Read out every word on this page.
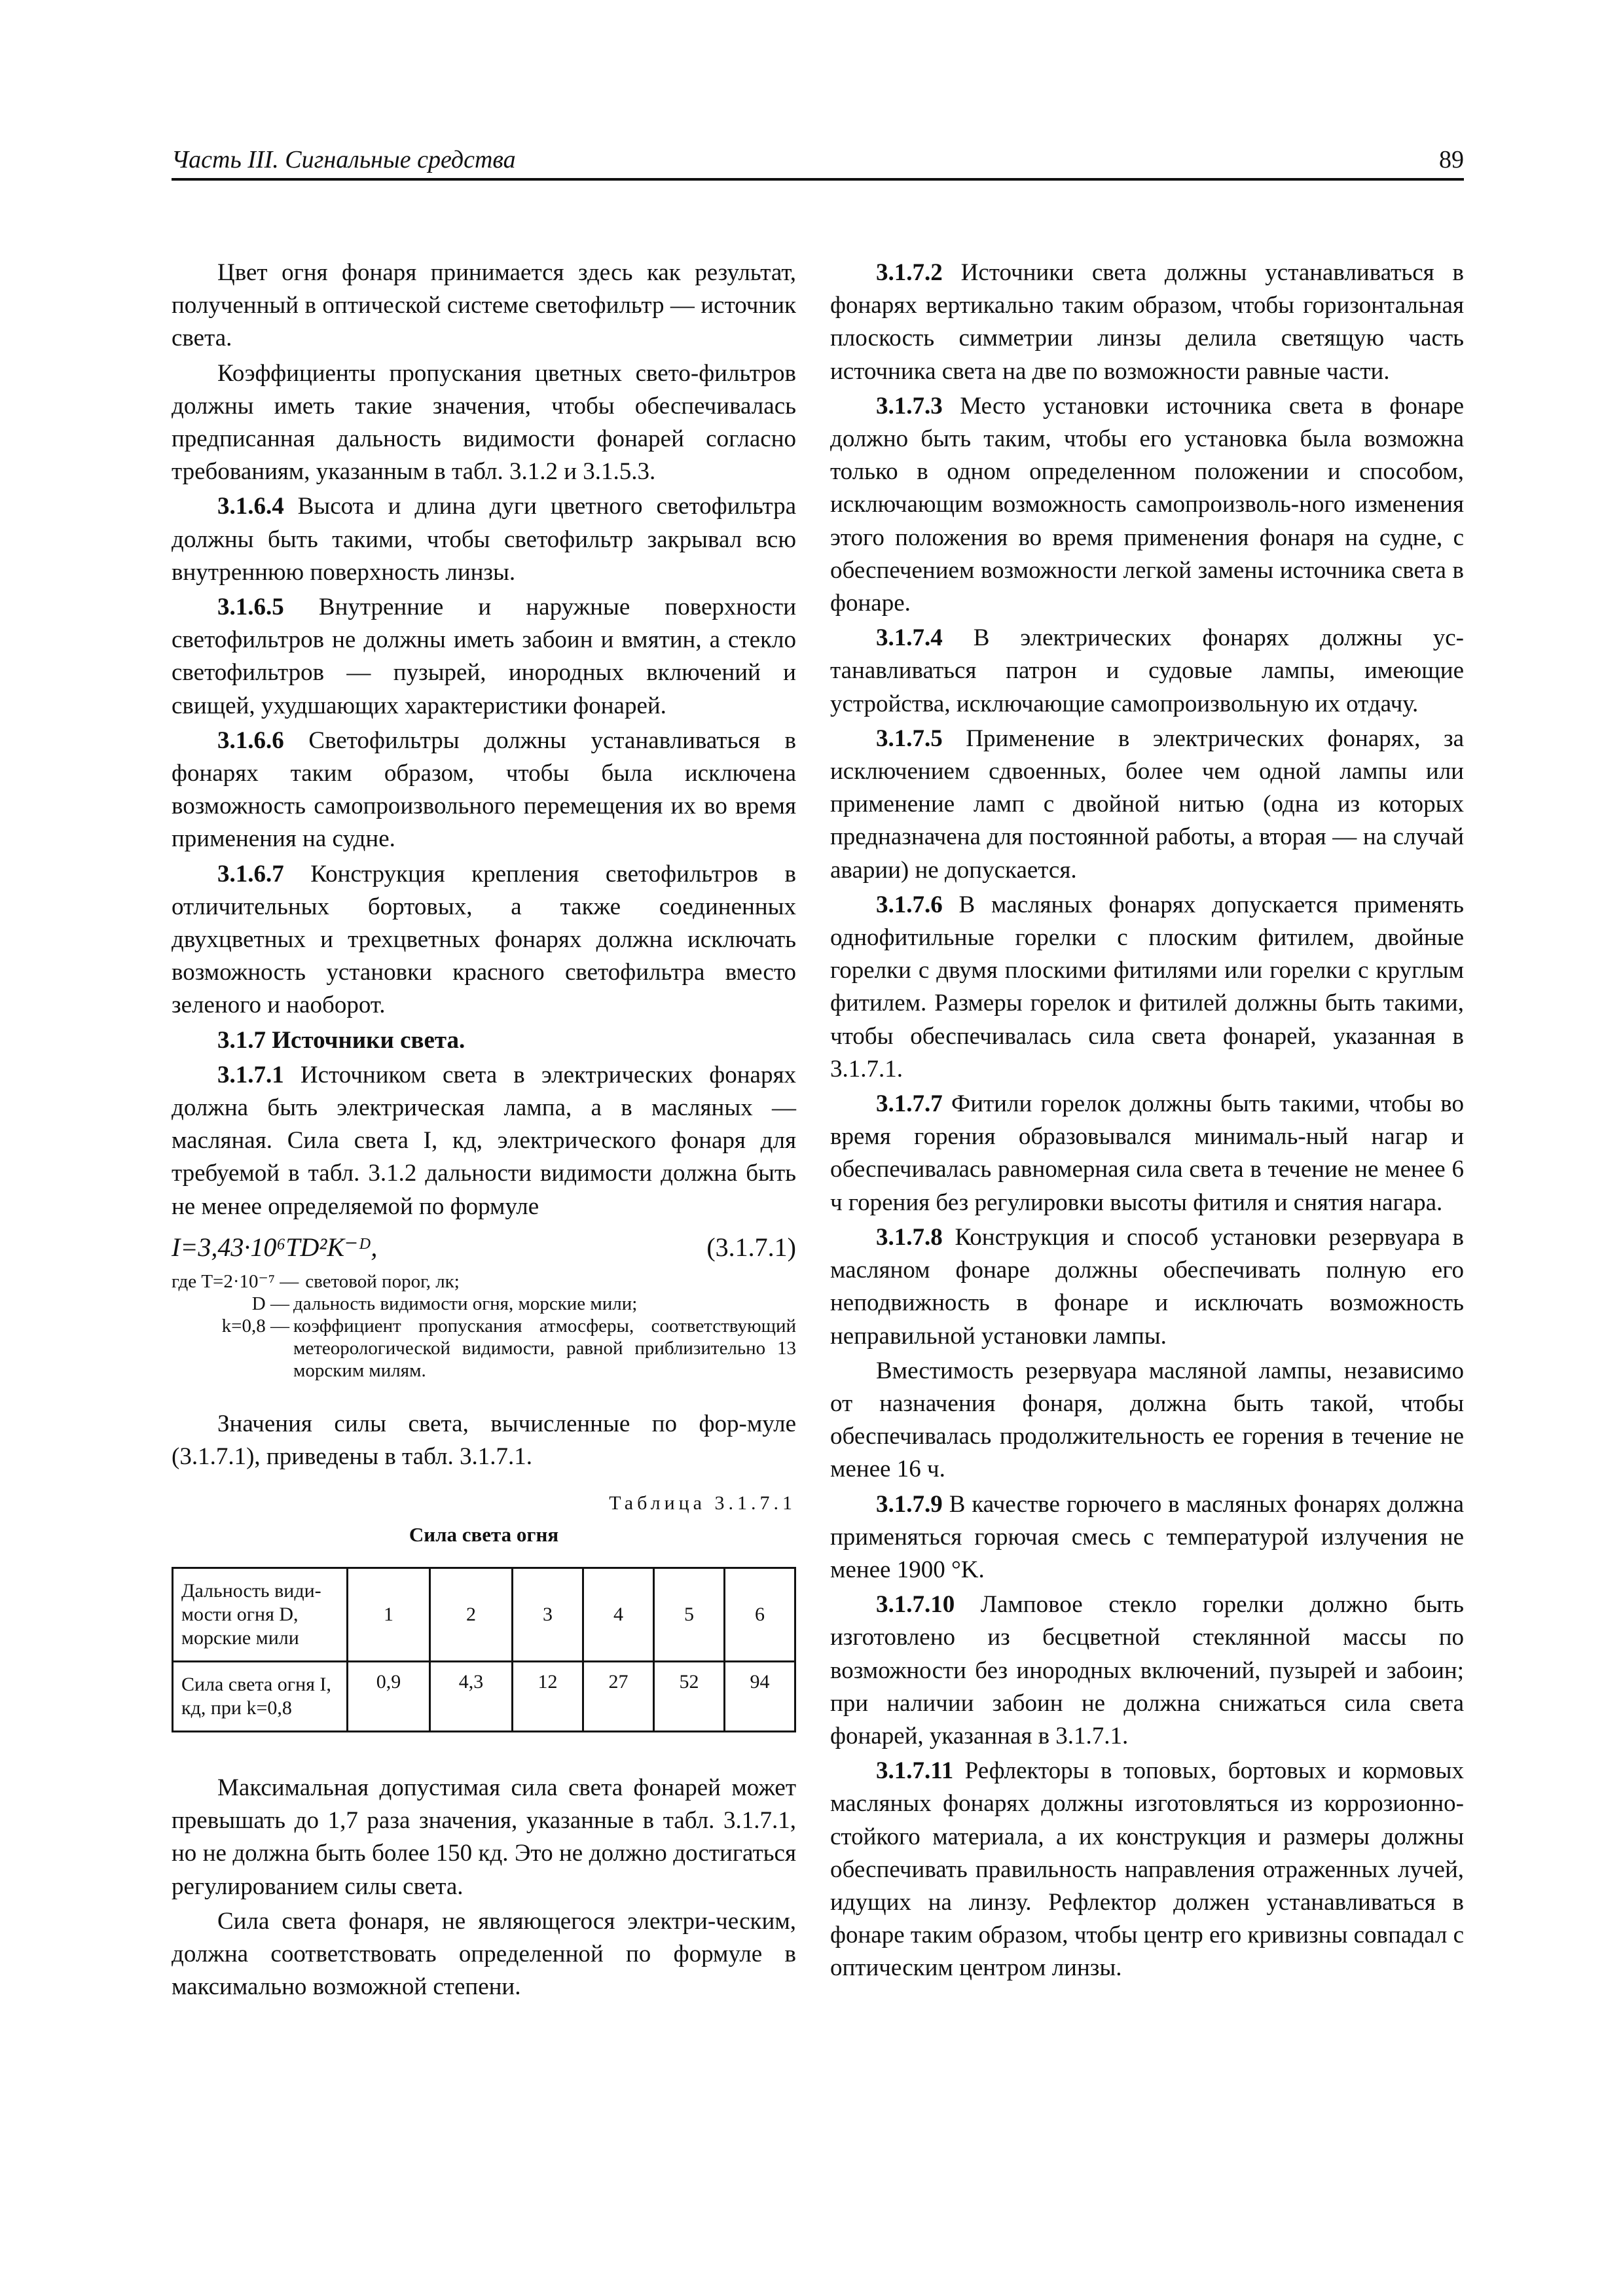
Часть III. Сигнальные средства	89

Цвет огня фонаря принимается здесь как результат, полученный в оптической системе светофильтр — источник света.

Коэффициенты пропускания цветных свето-фильтров должны иметь такие значения, чтобы обеспечивалась предписанная дальность видимости фонарей согласно требованиям, указанным в табл. 3.1.2 и 3.1.5.3.

3.1.6.4 Высота и длина дуги цветного светофильтра должны быть такими, чтобы светофильтр закрывал всю внутреннюю поверхность линзы.

3.1.6.5 Внутренние и наружные поверхности светофильтров не должны иметь забоин и вмятин, а стекло светофильтров — пузырей, инородных включений и свищей, ухудшающих характеристики фонарей.

3.1.6.6 Светофильтры должны устанавливаться в фонарях таким образом, чтобы была исключена возможность самопроизвольного перемещения их во время применения на судне.

3.1.6.7 Конструкция крепления светофильтров в отличительных бортовых, а также соединенных двухцветных и трехцветных фонарях должна исключать возможность установки красного светофильтра вместо зеленого и наоборот.

3.1.7 Источники света.

3.1.7.1 Источником света в электрических фонарях должна быть электрическая лампа, а в масляных — масляная. Сила света I, кд, электрического фонаря для требуемой в табл. 3.1.2 дальности видимости должна быть не менее определяемой по формуле

I=3,43·10⁶TD²K⁻ᴰ,	(3.1.7.1)
где T=2·10⁻⁷ — световой порог, лк;
D — дальность видимости огня, морские мили;
k=0,8 — коэффициент пропускания атмосферы, соответствующий метеорологической видимости, равной приблизительно 13 морским милям.

Значения силы света, вычисленные по фор-муле (3.1.7.1), приведены в табл. 3.1.7.1.

Таблица 3.1.7.1

Сила света огня

Дальность види-мости огня D, морские мили	1	2	3	4	5	6
Сила света огня I, кд, при k=0,8	0,9	4,3	12	27	52	94

Максимальная допустимая сила света фонарей может превышать до 1,7 раза значения, указанные в табл. 3.1.7.1, но не должна быть более 150 кд. Это не должно достигаться регулированием силы света.

Сила света фонаря, не являющегося электри-ческим, должна соответствовать определенной по формуле в максимально возможной степени.

3.1.7.2 Источники света должны устанавливаться в фонарях вертикально таким образом, чтобы горизонтальная плоскость симметрии линзы делила светящую часть источника света на две по возможности равные части.

3.1.7.3 Место установки источника света в фонаре должно быть таким, чтобы его установка была возможна только в одном определенном положении и способом, исключающим возможность самопроизволь-ного изменения этого положения во время применения фонаря на судне, с обеспечением возможности легкой замены источника света в фонаре.

3.1.7.4 В электрических фонарях должны ус-танавливаться патрон и судовые лампы, имеющие устройства, исключающие самопроизвольную их отдачу.

3.1.7.5 Применение в электрических фонарях, за исключением сдвоенных, более чем одной лампы или применение ламп с двойной нитью (одна из которых предназначена для постоянной работы, а вторая — на случай аварии) не допускается.

3.1.7.6 В масляных фонарях допускается применять однофитильные горелки с плоским фитилем, двойные горелки с двумя плоскими фитилями или горелки с круглым фитилем. Размеры горелок и фитилей должны быть такими, чтобы обеспечивалась сила света фонарей, указанная в 3.1.7.1.

3.1.7.7 Фитили горелок должны быть такими, чтобы во время горения образовывался минималь-ный нагар и обеспечивалась равномерная сила света в течение не менее 6 ч горения без регулировки высоты фитиля и снятия нагара.

3.1.7.8 Конструкция и способ установки резервуара в масляном фонаре должны обеспечивать полную его неподвижность в фонаре и исключать возможность неправильной установки лампы.

Вместимость резервуара масляной лампы, независимо от назначения фонаря, должна быть такой, чтобы обеспечивалась продолжительность ее горения в течение не менее 16 ч.

3.1.7.9 В качестве горючего в масляных фонарях должна применяться горючая смесь с температурой излучения не менее 1900 °K.

3.1.7.10 Ламповое стекло горелки должно быть изготовлено из бесцветной стеклянной массы по возможности без инородных включений, пузырей и забоин; при наличии забоин не должна снижаться сила света фонарей, указанная в 3.1.7.1.

3.1.7.11 Рефлекторы в топовых, бортовых и кормовых масляных фонарях должны изготовляться из коррозионно-стойкого материала, а их конструкция и размеры должны обеспечивать правильность направления отраженных лучей, идущих на линзу. Рефлектор должен устанавливаться в фонаре таким образом, чтобы центр его кривизны совпадал с оптическим центром линзы.
